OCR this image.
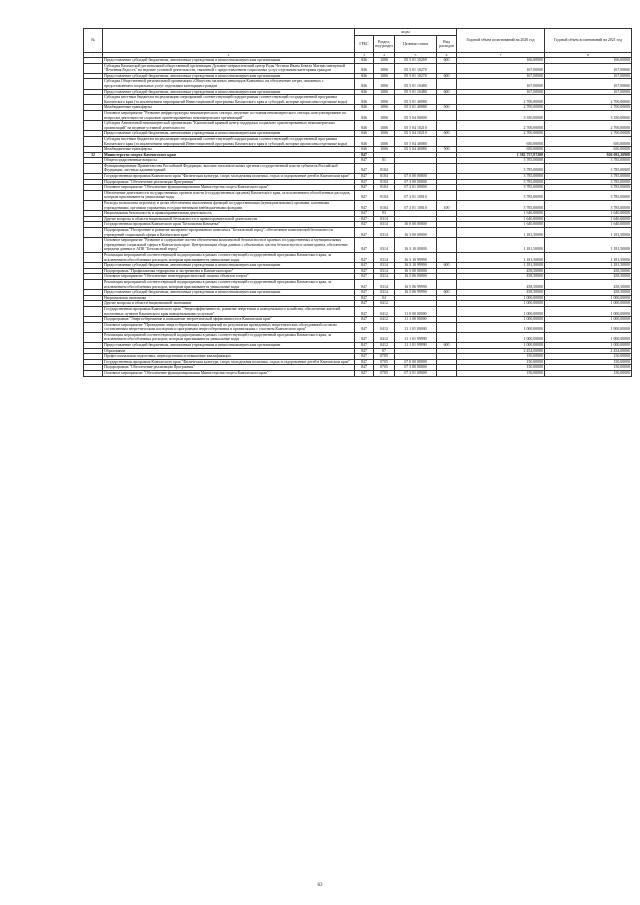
№		коды				Годовой объем ассигнований на 2020 год	Годовой объем ассигнований на 2021 год
		ГРБС	Раздел, под-раздел	Целевая статья	Вид расходов		
.	2	3	4	5	6	7	8
	Предоставление субсидий бюджетным, автономным учреждениям и иным некоммерческим организациям	846	1006	05 5 01 10269	600	166,00000	166,00000
	Субсидия Камчатской региональной общественной организации Духовно-патриотический центр Роды Честная Ивана Бевела Матери именуемой "Печенная Радость" на ведение уставной деятельности, связанной с предоставлением социальных услуг отдельным категориям граждан	846	1006	05 5 01 10270		167,00000	167,00000
	Предоставление субсидий бюджетным, автономным учреждениям и иным некоммерческим организациям	846	1006	05 5 01 10270	600	167,00000	167,00000
	Субсидия Общественной региональной организации «Общество малоных инвалидов Камчатки» на обеспечение затрат, связанных с предоставлением социальных услуг отдельным категориям граждан	846	1006	05 5 01 10480		167,00000	167,00000
	Предоставление субсидий бюджетным, автономным учреждениям и иным некоммерческим организациям	846	1006	05 5 01 10480	600	167,00000	167,00000
	Субсидия местным бюджетам на реализацию мероприятий соответствующей подпрограммы соответствующей государственной программы Камчатского края (за исключением мероприятий Инвестиционной программы Камчатского края и субсидий, которые прописаны отдельные коды)	846	1006	05 5 01 40080		2 700,00000	2 700,00000
	Межбюджетные трансферты	846	1006	05 5 01 40080	500	2 700,00000	2 700,00000
	Основное мероприятие "Развитие инфраструктуры некоммерческого сектора, изучение состояния некоммерческого сектора, консультирование по вопросам деятельности социально ориентированных некоммерческих организаций"	846	1006	05 5 04 00000		3 350,00000	3 350,00000
	Субсидия Автономной некоммерческой организации "Камчатский краевой центр поддержки социально ориентированных некоммерческих организаций" на ведение уставной деятельности	846	1006	05 5 04 10210		2 700,00000	2 700,00000
	Предоставление субсидий бюджетным, автономным учреждениям и иным некоммерческим организациям	846	1006	05 5 04 10210	600	2 700,00000	2 700,00000
	Субсидия местным бюджетам на реализацию мероприятий соответствующей подпрограммы соответствующей государственной программы Камчатского края (за исключением мероприятий Инвестиционной программы Камчатского края и субсидий, которые прописаны отдельные коды)	846	1006	05 5 04 40080		650,00000	650,00000
	Межбюджетные трансферты	846	1006	05 5 04 40080	500	650,00000	650,00000
32	Министерство спорта Камчатского края	847				1 382 757,87200	926 692,26900
	Общегосударственные вопросы	847	01			3 785,00000	3 785,00000
	Функционирование Правительства Российской Федерации, высших исполнительных органов государственной власти субъектов Российской Федерации, местных администраций	847	0104			3 785,00000	3 785,00000
	Государственная программа Камчатского края "Физическая культура, спорт, молодежная политика, отдых и оздоровление детей в Камчатском крае"	847	0104	07 0 00 00000		3 785,00000	3 785,00000
	Подпрограмма "Обеспечение реализации Программы"	847	0104	07 3 00 00000		3 785,00000	3 785,00000
	Основное мероприятие "Обеспечение функционирования Министерства спорта Камчатского края"	847	0104	07 3 01 00000		3 785,00000	3 785,00000
	Обеспечение деятельности государственных органов власти (государственных органов) Камчатского края, за исключением обособленных расходов, которым присваиваются уникальные коды	847	0104	07 3 01 10010		3 785,00000	3 785,00000
	Расходы на выплаты персоналу в целях обеспечения выполнения функций государственными (муниципальными) органами, казенными учреждениями, органами управления государственными внебюджетными фондами	847	0104	07 3 01 10010	100	3 785,00000	3 785,00000
	Национальная безопасность и правоохранительная деятельность	847	03			1 640,00000	1 640,00000
	Другие вопросы в области национальной безопасности и правоохранительной деятельности	847	0314			1 640,00000	1 640,00000
	Государственная программа Камчатского края "Безопасная Камчатка"	847	0314	16 0 00 00000		1 640,00000	1 640,00000
	Подпрограмма "Построение и развитие аппаратно-программного комплекса "Безопасный город", обеспечение комплексной безопасности учреждений социальной сферы в Камчатском крае"	847	0314	16 3 00 00000		1 181,50000	1 181,50000
	Основное мероприятие "Развитие и содержание систем обеспечения комплексной безопасности в краевых государственных и муниципальных учреждениях социальной сферы в Камчатском крае. Централизация сбора данных с объектовых систем безопасности и мониторинга, обеспечение передачи данных в АПК "Безопасный город"	847	0314	16 3 10 00000		1 181,50000	1 181,50000
	Реализация мероприятий соответствующей подпрограммы в рамках соответствующей государственной программы Камчатского края, за исключением обособленных расходов, которым присваиваются уникальные коды	847	0314	16 3 10 99990		1 181,50000	1 181,50000
	Предоставление субсидий бюджетным, автономным учреждениям и иным некоммерческим организациям	847	0314	16 3 10 99990	600	1 181,50000	1 181,50000
	Подпрограмма "Профилактика терроризма и экстремизма в Камчатском крае"	847	0314	16 5 00 00000		458,50000	458,50000
	Основное мероприятие "Обеспечение антитеррористической защиты объектов спорта"	847	0314	16 5 06 00000		458,50000	458,50000
	Реализация мероприятий соответствующей подпрограммы в рамках соответствующей государственной программы Камчатского края, за исключением обособленных расходов, которым присваиваются уникальные коды	847	0314	16 5 06 99990		458,50000	458,50000
	Предоставление субсидий бюджетным, автономным учреждениям и иным некоммерческим организациям	847	0314	16 5 06 99990	600	458,50000	458,50000
	Национальная экономика	847	04			1 000,00000	1 000,00000
	Другие вопросы в области национальной экономики	847	0412			1 000,00000	1 000,00000
	Государственная программа Камчатского края "Энергоэффективность, развитие энергетики и коммунального хозяйства, обеспечение жителей населенных пунктов Камчатского края коммунальными услугами"	847	0412	11 0 00 00000		1 000,00000	1 000,00000
	Подпрограмма "Энергосбережение и повышение энергетической эффективности в Камчатском крае"	847	0412	11 1 00 00000		1 000,00000	1 000,00000
	Основное мероприятие "Проведение энергосберегающих мероприятий по результатам проведенных энергетических обследований согласно составленным энергетическим паспортам и программам энергосбережения в организациях с участием Камчатского края"	847	0412	11 1 01 00000		1 000,00000	1 000,00000
	Реализация мероприятий соответствующей подпрограммы в рамках соответствующей государственной программы Камчатского края, за исключением обособленных расходов, которым присваиваются уникальные коды	847	0412	11 1 01 99990		1 000,00000	1 000,00000
	Предоставление субсидий бюджетным, автономным учреждениям и иным некоммерческим организациям	847	0412	11 1 01 99990	600	1 000,00000	1 000,00000
	Образование	847	07			2 454,00000	2 454,00000
	Профессиональная подготовка, переподготовка и повышение квалификации	847	0705			150,00000	150,00000
	Государственная программа Камчатского края "Физическая культура, спорт, молодежная политика, отдых и оздоровление детей в Камчатском крае"	847	0705	07 0 00 00000		150,00000	150,00000
	Подпрограмма "Обеспечение реализации Программы"	847	0705	07 3 00 00000		150,00000	150,00000
	Основное мероприятие "Обеспечение функционирования Министерства спорта Камчатского края"	847	0705	07 3 01 00000		150,00000	150,00000
63
